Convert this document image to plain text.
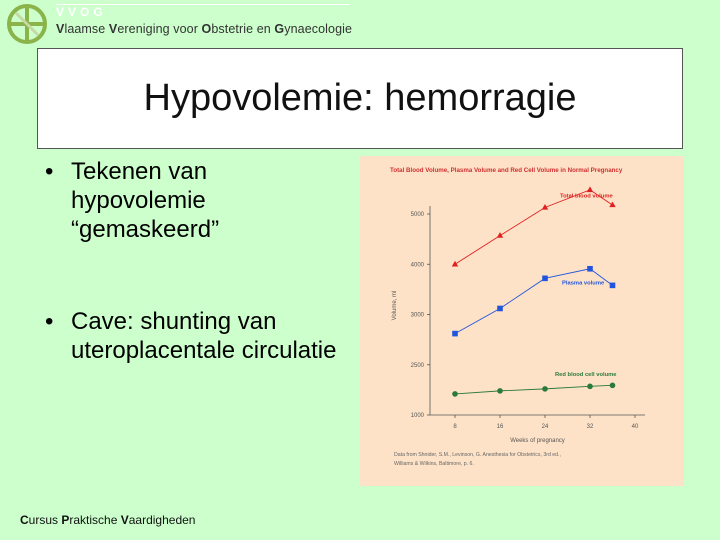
VVOG
Vlaamse Vereniging voor Obstetrie en Gynaecologie
Hypovolemie: hemorragie
• Tekenen van hypovolemie “gemaskeerd”
• Cave: shunting van uteroplacentale circulatie
Total Blood Volume, Plasma Volume and Red Cell Volume in Normal Pregnancy
1000
2500
3000
4000
5000
8	16	24	32	40
Weeks of pregnancy
Volume, ml
Total blood volume
Plasma volume
Red blood cell volume
Data from Shnider, S.M., Levinson, G. Anesthesia for Obstetrics, 3rd ed.,
Williams & Wilkins, Baltimore, p. 6.
Cursus Praktische Vaardigheden
